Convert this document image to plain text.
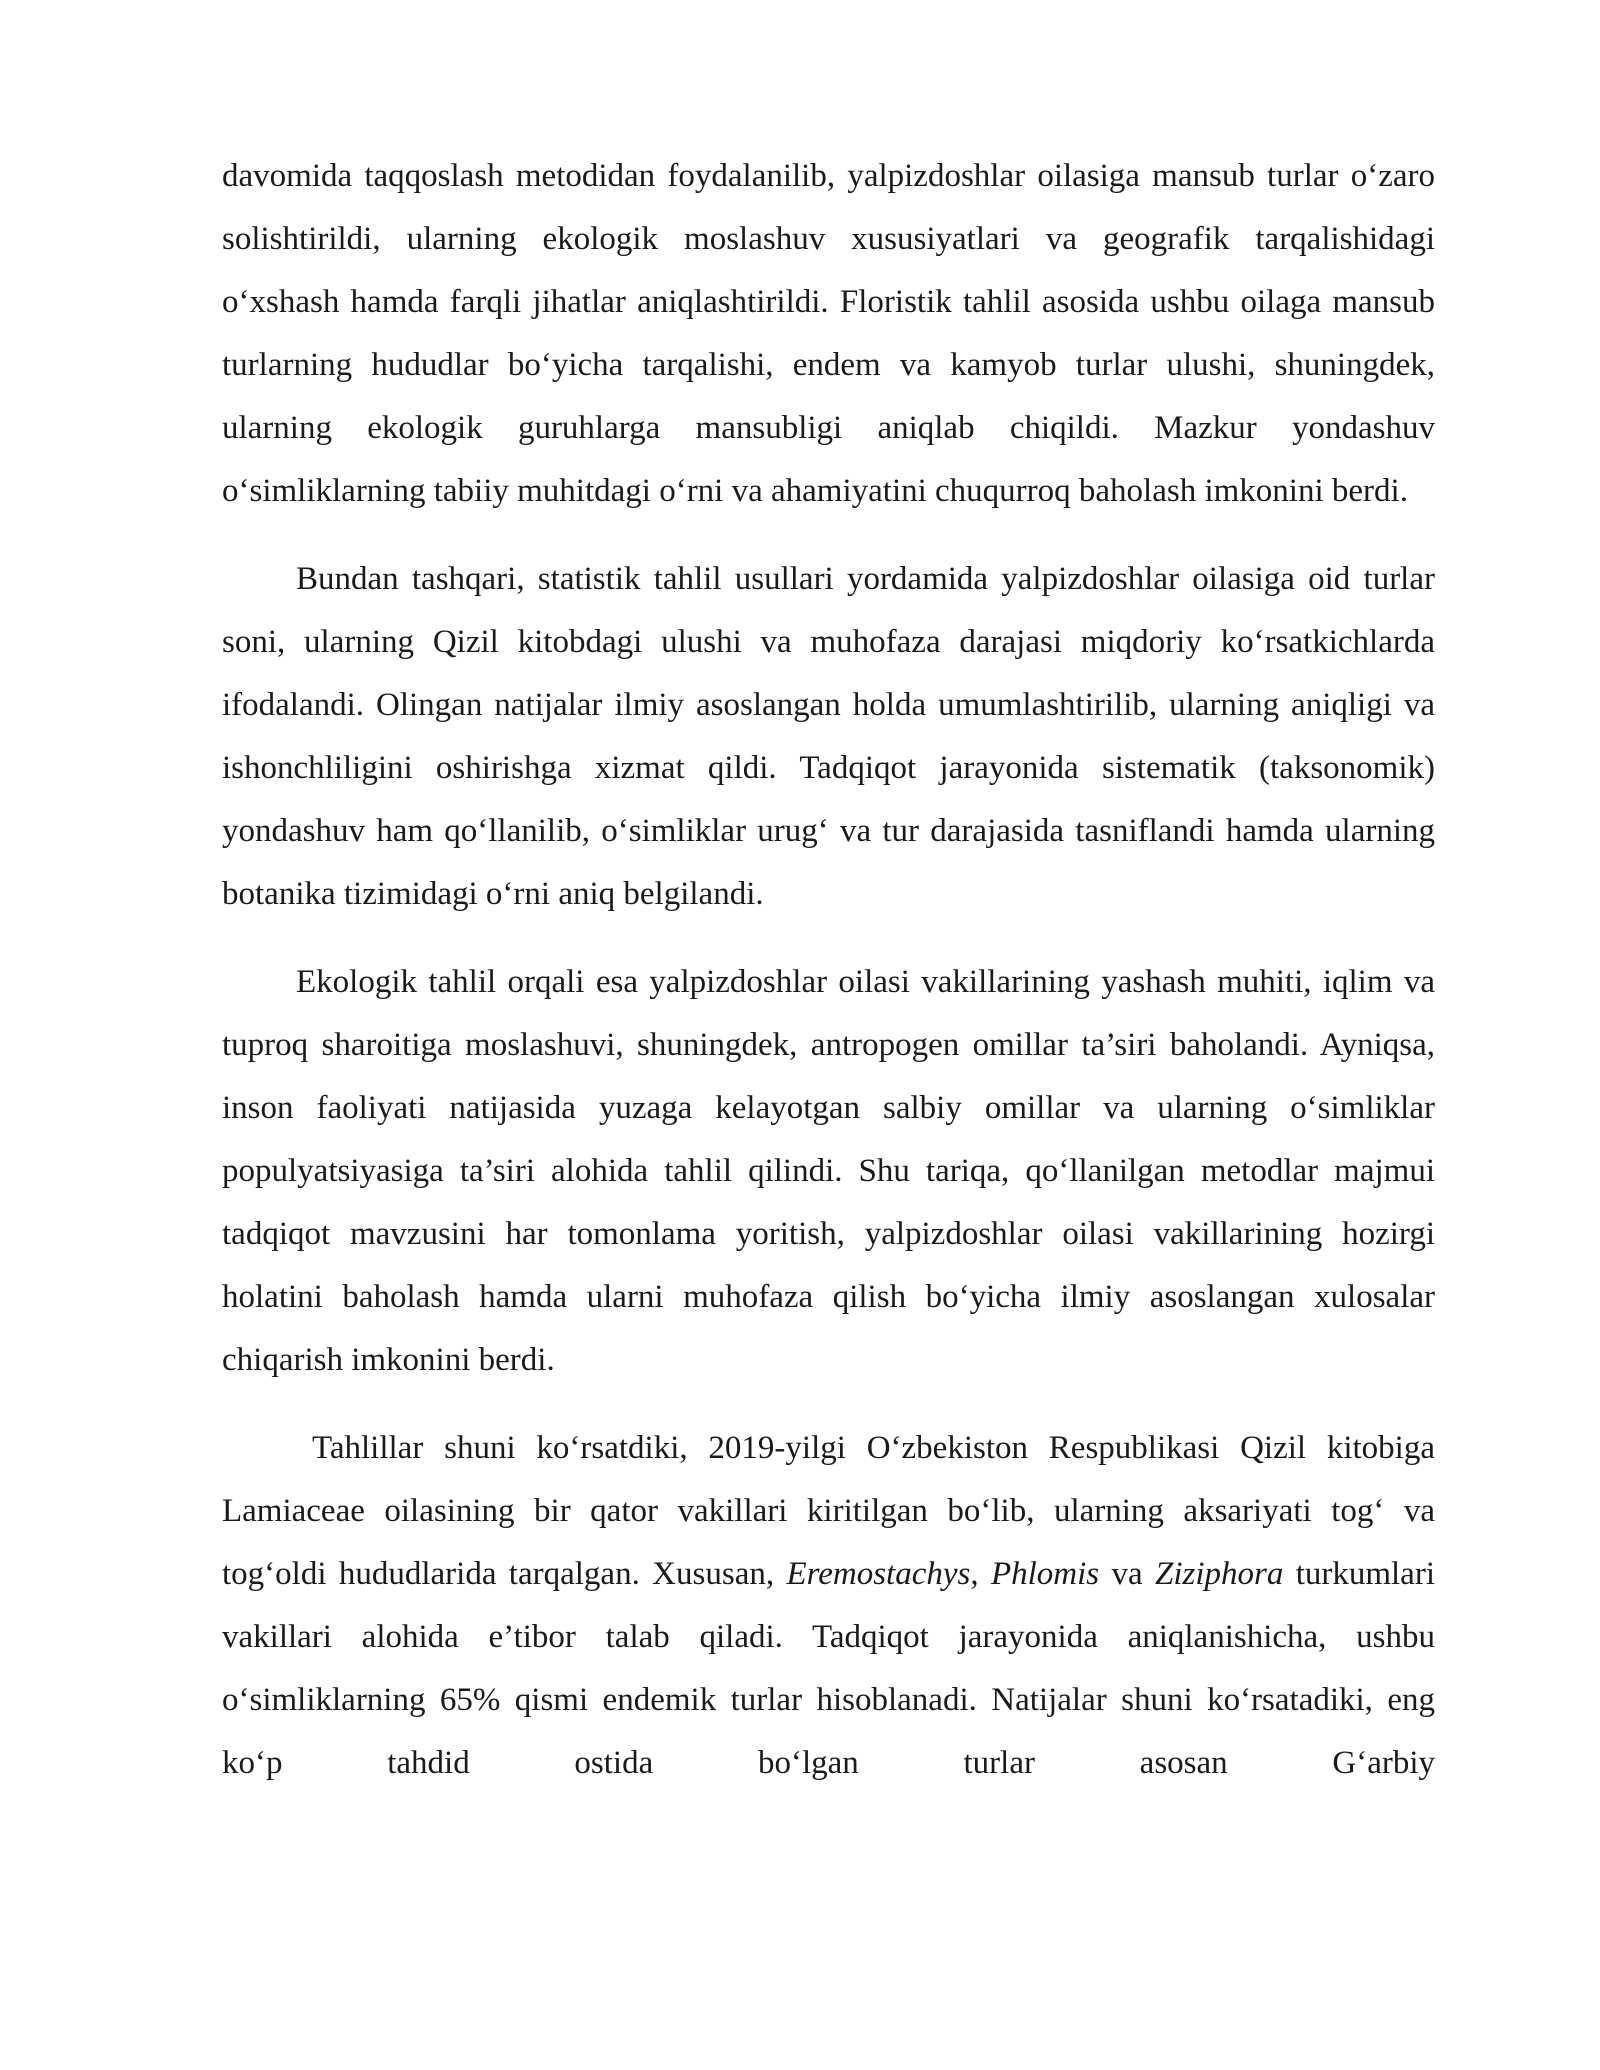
davomida taqqoslash metodidan foydalanilib, yalpizdoshlar oilasiga mansub turlar o‘zaro solishtirildi, ularning ekologik moslashuv xususiyatlari va geografik tarqalishidagi o‘xshash hamda farqli jihatlar aniqlashtirildi. Floristik tahlil asosida ushbu oilaga mansub turlarning hududlar bo‘yicha tarqalishi, endem va kamyob turlar ulushi, shuningdek, ularning ekologik guruhlarga mansubligi aniqlab chiqildi. Mazkur yondashuv o‘simliklarning tabiiy muhitdagi o‘rni va ahamiyatini chuqurroq baholash imkonini berdi.

Bundan tashqari, statistik tahlil usullari yordamida yalpizdoshlar oilasiga oid turlar soni, ularning Qizil kitobdagi ulushi va muhofaza darajasi miqdoriy ko‘rsatkichlarda ifodalandi. Olingan natijalar ilmiy asoslangan holda umumlashtirilib, ularning aniqligi va ishonchliligini oshirishga xizmat qildi. Tadqiqot jarayonida sistematik (taksonomik) yondashuv ham qo‘llanilib, o‘simliklar urug‘ va tur darajasida tasniflandi hamda ularning botanika tizimidagi o‘rni aniq belgilandi.

Ekologik tahlil orqali esa yalpizdoshlar oilasi vakillarining yashash muhiti, iqlim va tuproq sharoitiga moslashuvi, shuningdek, antropogen omillar ta’siri baholandi. Ayniqsa, inson faoliyati natijasida yuzaga kelayotgan salbiy omillar va ularning o‘simliklar populyatsiyasiga ta’siri alohida tahlil qilindi. Shu tariqa, qo‘llanilgan metodlar majmui tadqiqot mavzusini har tomonlama yoritish, yalpizdoshlar oilasi vakillarining hozirgi holatini baholash hamda ularni muhofaza qilish bo‘yicha ilmiy asoslangan xulosalar chiqarish imkonini berdi.

Tahlillar shuni ko‘rsatdiki, 2019-yilgi O‘zbekiston Respublikasi Qizil kitobiga Lamiaceae oilasining bir qator vakillari kiritilgan bo‘lib, ularning aksariyati tog‘ va tog‘oldi hududlarida tarqalgan. Xususan, Eremostachys, Phlomis va Ziziphora turkumlari vakillari alohida e’tibor talab qiladi. Tadqiqot jarayonida aniqlanishicha, ushbu o‘simliklarning 65% qismi endemik turlar hisoblanadi. Natijalar shuni ko‘rsatadiki, eng ko‘p tahdid ostida bo‘lgan turlar asosan G‘arbiy
